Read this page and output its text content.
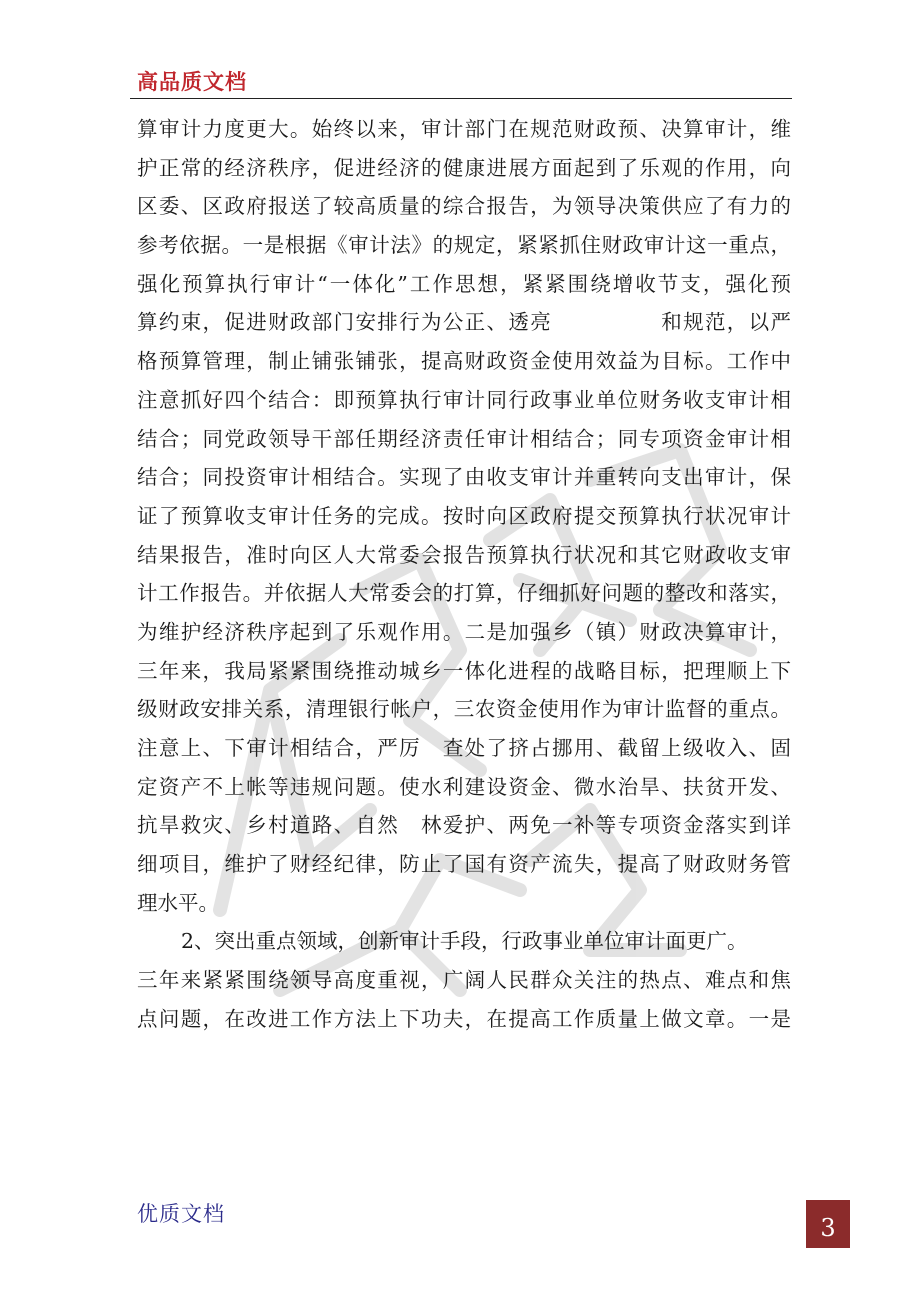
高品质文档
算审计力度更大。始终以来，审计部门在规范财政预、决算审计，维
护正常的经济秩序，促进经济的健康进展方面起到了乐观的作用，向
区委、区政府报送了较高质量的综合报告，为领导决策供应了有力的
参考依据。一是根据《审计法》的规定，紧紧抓住财政审计这一重点，
强化预算执行审计“一体化”工作思想，紧紧围绕增收节支，强化预
算约束，促进财政部门安排行为公正、透亮　　　　　和规范，以严
格预算管理，制止铺张铺张，提高财政资金使用效益为目标。工作中
注意抓好四个结合：即预算执行审计同行政事业单位财务收支审计相
结合；同党政领导干部任期经济责任审计相结合；同专项资金审计相
结合；同投资审计相结合。实现了由收支审计并重转向支出审计，保
证了预算收支审计任务的完成。按时向区政府提交预算执行状况审计
结果报告，准时向区人大常委会报告预算执行状况和其它财政收支审
计工作报告。并依据人大常委会的打算，仔细抓好问题的整改和落实，
为维护经济秩序起到了乐观作用。二是加强乡（镇）财政决算审计，
三年来，我局紧紧围绕推动城乡一体化进程的战略目标，把理顺上下
级财政安排关系，清理银行帐户，三农资金使用作为审计监督的重点。
注意上、下审计相结合，严厉　查处了挤占挪用、截留上级收入、固
定资产不上帐等违规问题。使水利建设资金、微水治旱、扶贫开发、
抗旱救灾、乡村道路、自然　林爱护、两免一补等专项资金落实到详
细项目，维护了财经纪律，防止了国有资产流失，提高了财政财务管
理水平。
2、突出重点领域，创新审计手段，行政事业单位审计面更广。
三年来紧紧围绕领导高度重视，广阔人民群众关注的热点、难点和焦
点问题，在改进工作方法上下功夫，在提高工作质量上做文章。一是
优质文档	3
